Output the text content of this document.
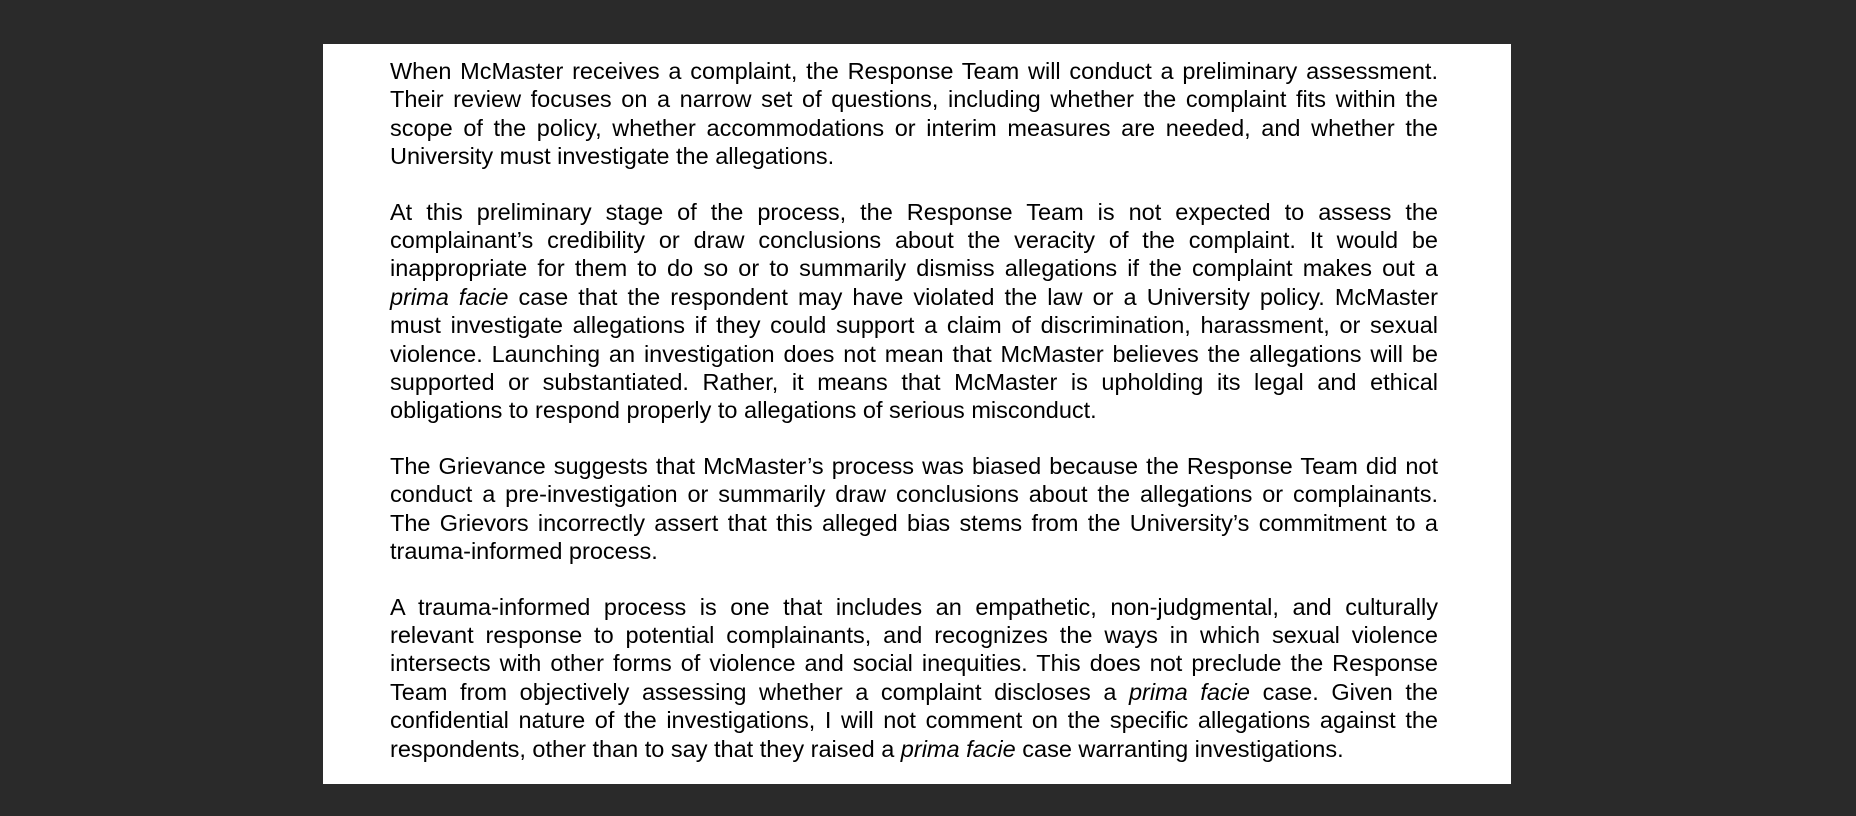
When McMaster receives a complaint, the Response Team will conduct a preliminary assessment. Their review focuses on a narrow set of questions, including whether the complaint fits within the scope of the policy, whether accommodations or interim measures are needed, and whether the University must investigate the allegations.

At this preliminary stage of the process, the Response Team is not expected to assess the complainant’s credibility or draw conclusions about the veracity of the complaint. It would be inappropriate for them to do so or to summarily dismiss allegations if the complaint makes out a prima facie case that the respondent may have violated the law or a University policy. McMaster must investigate allegations if they could support a claim of discrimination, harassment, or sexual violence. Launching an investigation does not mean that McMaster believes the allegations will be supported or substantiated. Rather, it means that McMaster is upholding its legal and ethical obligations to respond properly to allegations of serious misconduct.

The Grievance suggests that McMaster’s process was biased because the Response Team did not conduct a pre-investigation or summarily draw conclusions about the allegations or complainants. The Grievors incorrectly assert that this alleged bias stems from the University’s commitment to a trauma-informed process.

A trauma-informed process is one that includes an empathetic, non-judgmental, and culturally relevant response to potential complainants, and recognizes the ways in which sexual violence intersects with other forms of violence and social inequities. This does not preclude the Response Team from objectively assessing whether a complaint discloses a prima facie case. Given the confidential nature of the investigations, I will not comment on the specific allegations against the respondents, other than to say that they raised a prima facie case warranting investigations.
